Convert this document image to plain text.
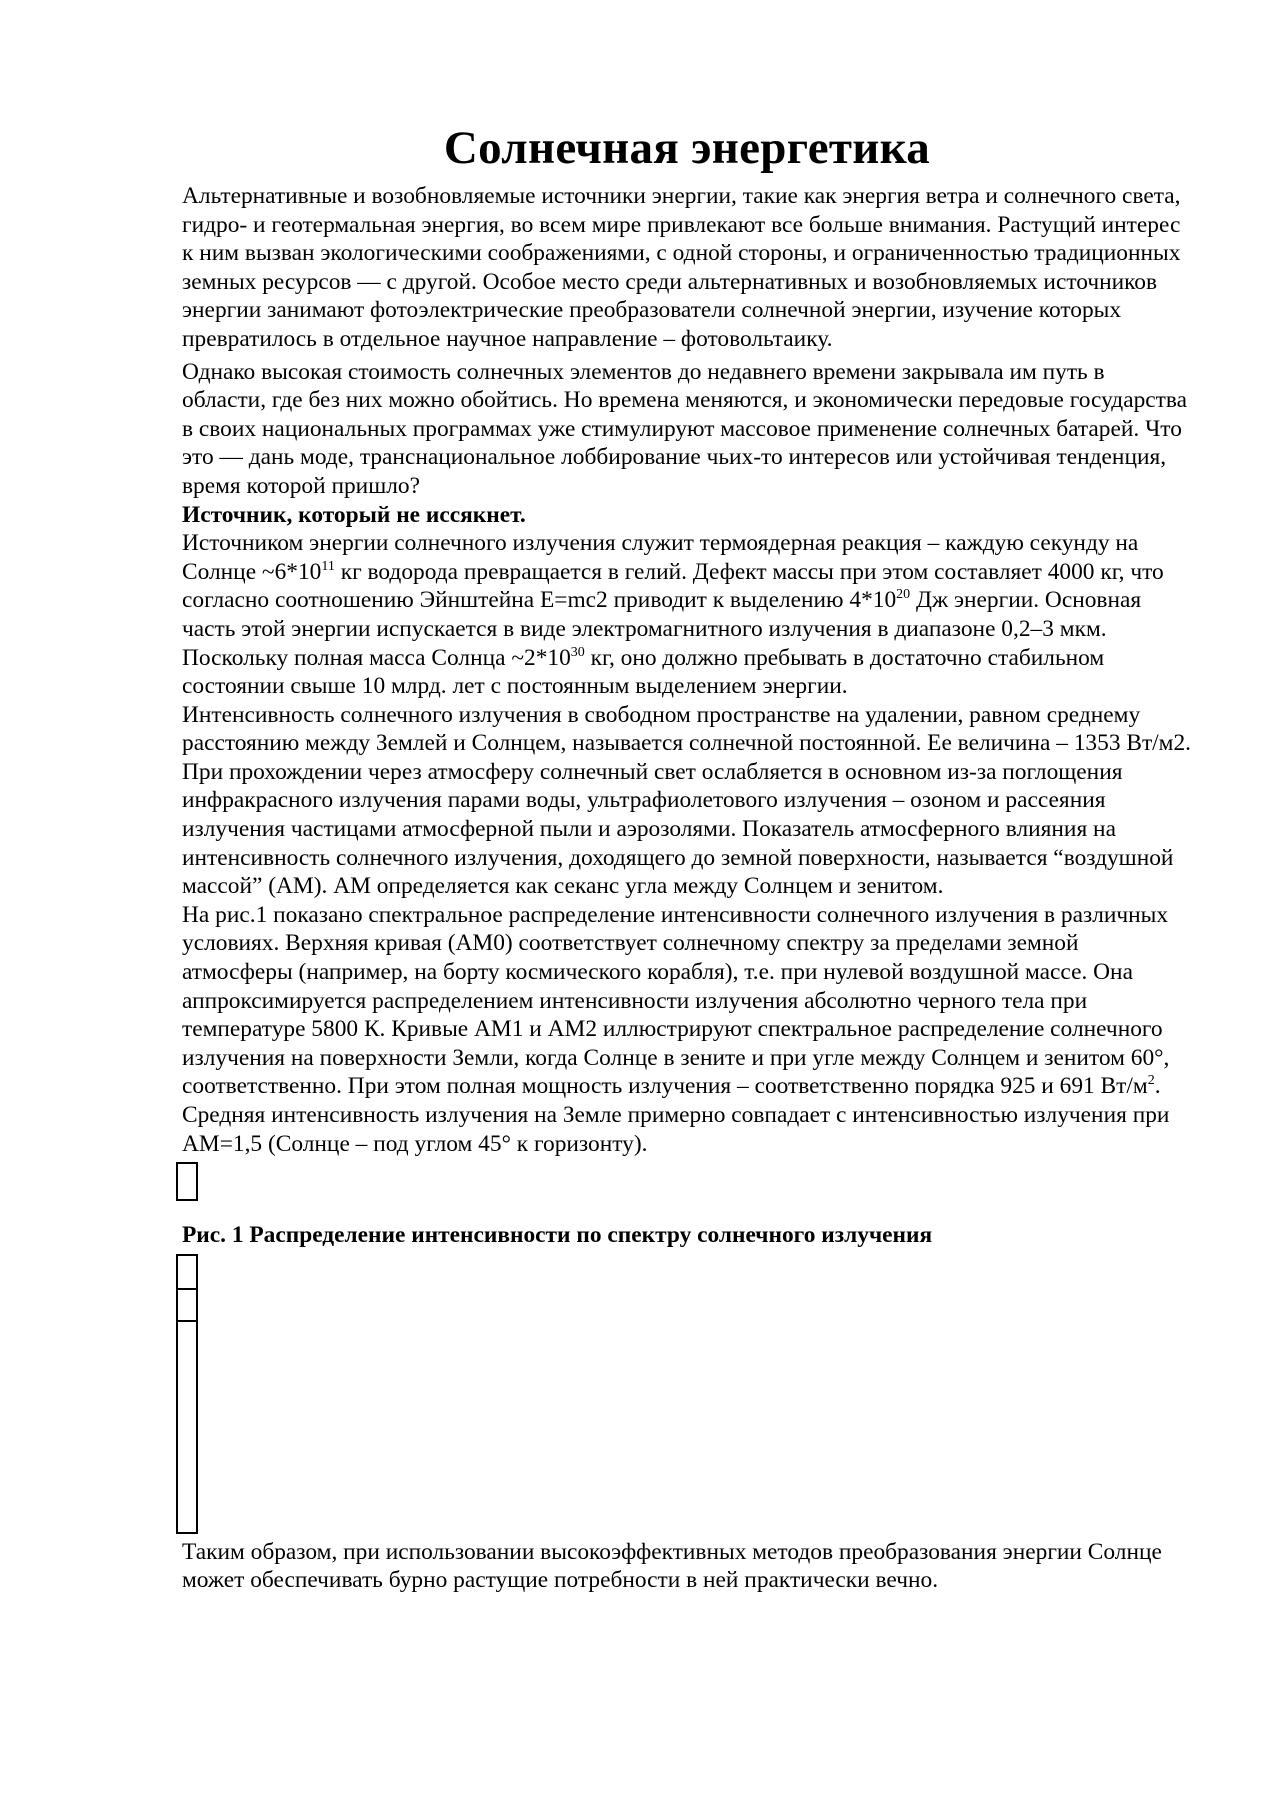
Солнечная энергетика

Альтернативные и возобновляемые источники энергии, такие как энергия ветра и солнечного света, гидро- и геотермальная энергия, во всем мире привлекают все больше внимания. Растущий интерес к ним вызван экологическими соображениями, с одной стороны, и ограниченностью традиционных земных ресурсов — с другой. Особое место среди альтернативных и возобновляемых источников энергии занимают фотоэлектрические преобразователи солнечной энергии, изучение которых превратилось в отдельное научное направление – фотовольтаику.

Однако высокая стоимость солнечных элементов до недавнего времени закрывала им путь в области, где без них можно обойтись. Но времена меняются, и экономически передовые государства в своих национальных программах уже стимулируют массовое применение солнечных батарей. Что это — дань моде, транснациональное лоббирование чьих-то интересов или устойчивая тенденция, время которой пришло?

Источник, который не иссякнет.

Источником энергии солнечного излучения служит термоядерная реакция – каждую секунду на Солнце $\sim 6*10^{11}$ кг водорода превращается в гелий. Дефект массы при этом составляет 4000 кг, что согласно соотношению Эйнштейна E=mc2 приводит к выделению $4*10^{20}$ Дж энергии. Основная часть этой энергии испускается в виде электромагнитного излучения в диапазоне 0,2–3 мкм. Поскольку полная масса Солнца $\sim 2*10^{30}$ кг, оно должно пребывать в достаточно стабильном состоянии свыше 10 млрд. лет с постоянным выделением энергии.

Интенсивность солнечного излучения в свободном пространстве на удалении, равном среднему расстоянию между Землей и Солнцем, называется солнечной постоянной. Ее величина – 1353 Вт/м2. При прохождении через атмосферу солнечный свет ослабляется в основном из-за поглощения инфракрасного излучения парами воды, ультрафиолетового излучения – озоном и рассеяния излучения частицами атмосферной пыли и аэрозолями. Показатель атмосферного влияния на интенсивность солнечного излучения, доходящего до земной поверхности, называется “воздушной массой” (АМ). АМ определяется как секанс угла между Солнцем и зенитом.

На рис.1 показано спектральное распределение интенсивности солнечного излучения в различных условиях. Верхняя кривая (АМ0) соответствует солнечному спектру за пределами земной атмосферы (например, на борту космического корабля), т.е. при нулевой воздушной массе. Она аппроксимируется распределением интенсивности излучения абсолютно черного тела при температуре 5800 К. Кривые АМ1 и АМ2 иллюстрируют спектральное распределение солнечного излучения на поверхности Земли, когда Солнце в зените и при угле между Солнцем и зенитом 60°, соответственно. При этом полная мощность излучения – соответственно порядка 925 и 691 $Вт/м^2$. Средняя интенсивность излучения на Земле примерно совпадает с интенсивностью излучения при АМ=1,5 (Солнце – под углом 45° к горизонту).

Рис. 1 Распределение интенсивности по спектру солнечного излучения

Таким образом, при использовании высокоэффективных методов преобразования энергии Солнце может обеспечивать бурно растущие потребности в ней практически вечно.
